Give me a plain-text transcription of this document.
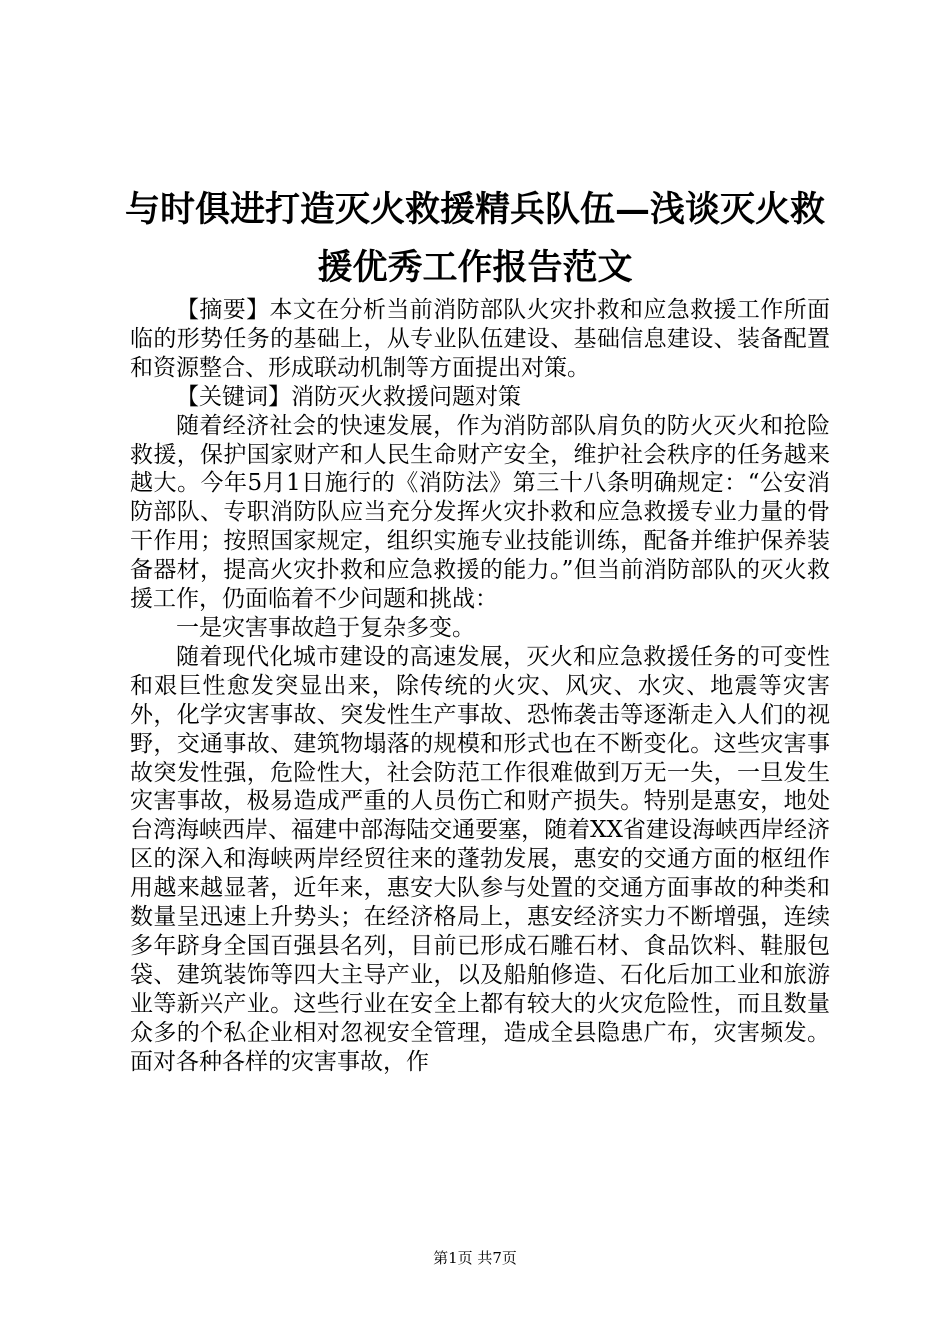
与时俱进打造灭火救援精兵队伍—浅谈灭火救
援优秀工作报告范文

【摘要】本文在分析当前消防部队火灾扑救和应急救援工作所面临的形势任务的基础上，从专业队伍建设、基础信息建设、装备配置和资源整合、形成联动机制等方面提出对策。

【关键词】消防灭火救援问题对策

随着经济社会的快速发展，作为消防部队肩负的防火灭火和抢险救援，保护国家财产和人民生命财产安全，维护社会秩序的任务越来越大。今年5月1日施行的《消防法》第三十八条明确规定：“公安消防部队、专职消防队应当充分发挥火灾扑救和应急救援专业力量的骨干作用；按照国家规定，组织实施专业技能训练，配备并维护保养装备器材，提高火灾扑救和应急救援的能力。”但当前消防部队的灭火救援工作，仍面临着不少问题和挑战：

一是灾害事故趋于复杂多变。

随着现代化城市建设的高速发展，灭火和应急救援任务的可变性和艰巨性愈发突显出来，除传统的火灾、风灾、水灾、地震等灾害外，化学灾害事故、突发性生产事故、恐怖袭击等逐渐走入人们的视野，交通事故、建筑物塌落的规模和形式也在不断变化。这些灾害事故突发性强，危险性大，社会防范工作很难做到万无一失，一旦发生灾害事故，极易造成严重的人员伤亡和财产损失。特别是惠安，地处台湾海峡西岸、福建中部海陆交通要塞，随着XX省建设海峡西岸经济区的深入和海峡两岸经贸往来的蓬勃发展，惠安的交通方面的枢纽作用越来越显著，近年来，惠安大队参与处置的交通方面事故的种类和数量呈迅速上升势头；在经济格局上，惠安经济实力不断增强，连续多年跻身全国百强县名列，目前已形成石雕石材、食品饮料、鞋服包袋、建筑装饰等四大主导产业，以及船舶修造、石化后加工业和旅游业等新兴产业。这些行业在安全上都有较大的火灾危险性，而且数量众多的个私企业相对忽视安全管理，造成全县隐患广布，灾害频发。面对各种各样的灾害事故，作

第1页 共7页
